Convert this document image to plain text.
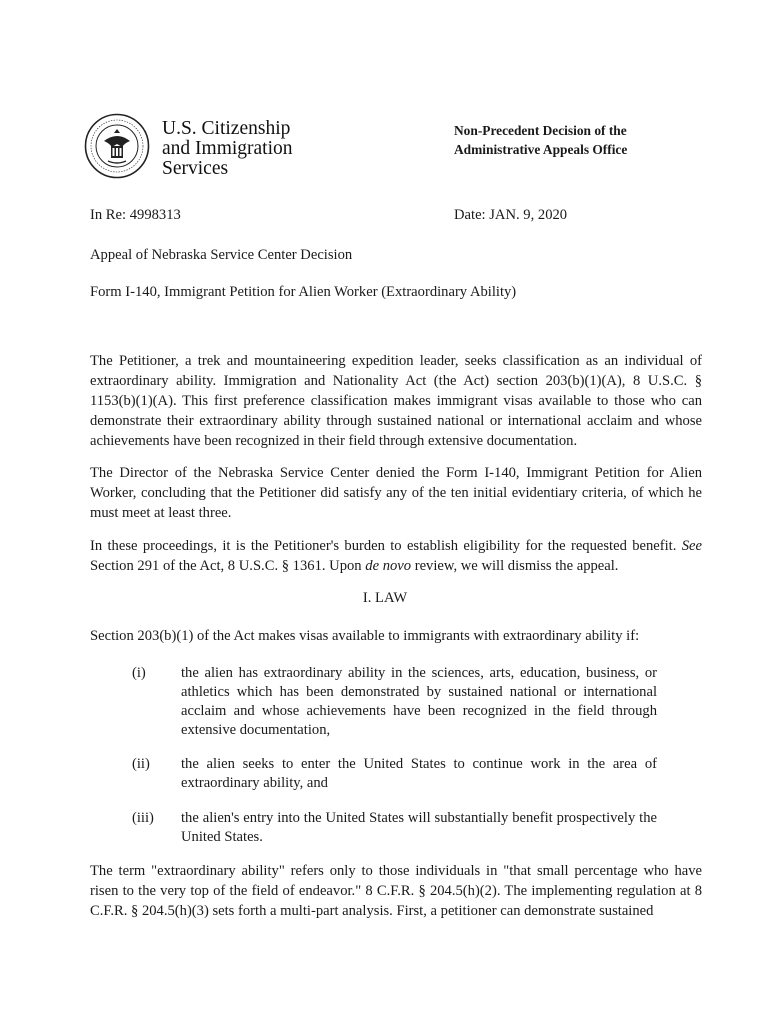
U.S. Citizenship
and Immigration
Services
Non-Precedent Decision of the
Administrative Appeals Office
In Re: 4998313	Date: JAN. 9, 2020
Appeal of Nebraska Service Center Decision
Form I-140, Immigrant Petition for Alien Worker (Extraordinary Ability)

The Petitioner, a trek and mountaineering expedition leader, seeks classification as an individual of extraordinary ability. Immigration and Nationality Act (the Act) section 203(b)(1)(A), 8 U.S.C. § 1153(b)(1)(A). This first preference classification makes immigrant visas available to those who can demonstrate their extraordinary ability through sustained national or international acclaim and whose achievements have been recognized in their field through extensive documentation.

The Director of the Nebraska Service Center denied the Form I-140, Immigrant Petition for Alien Worker, concluding that the Petitioner did satisfy any of the ten initial evidentiary criteria, of which he must meet at least three.

In these proceedings, it is the Petitioner's burden to establish eligibility for the requested benefit. See Section 291 of the Act, 8 U.S.C. § 1361. Upon de novo review, we will dismiss the appeal.

I. LAW

Section 203(b)(1) of the Act makes visas available to immigrants with extraordinary ability if:

(i) the alien has extraordinary ability in the sciences, arts, education, business, or athletics which has been demonstrated by sustained national or international acclaim and whose achievements have been recognized in the field through extensive documentation,

(ii) the alien seeks to enter the United States to continue work in the area of extraordinary ability, and

(iii) the alien's entry into the United States will substantially benefit prospectively the United States.

The term "extraordinary ability" refers only to those individuals in "that small percentage who have risen to the very top of the field of endeavor." 8 C.F.R. § 204.5(h)(2). The implementing regulation at 8 C.F.R. § 204.5(h)(3) sets forth a multi-part analysis. First, a petitioner can demonstrate sustained
